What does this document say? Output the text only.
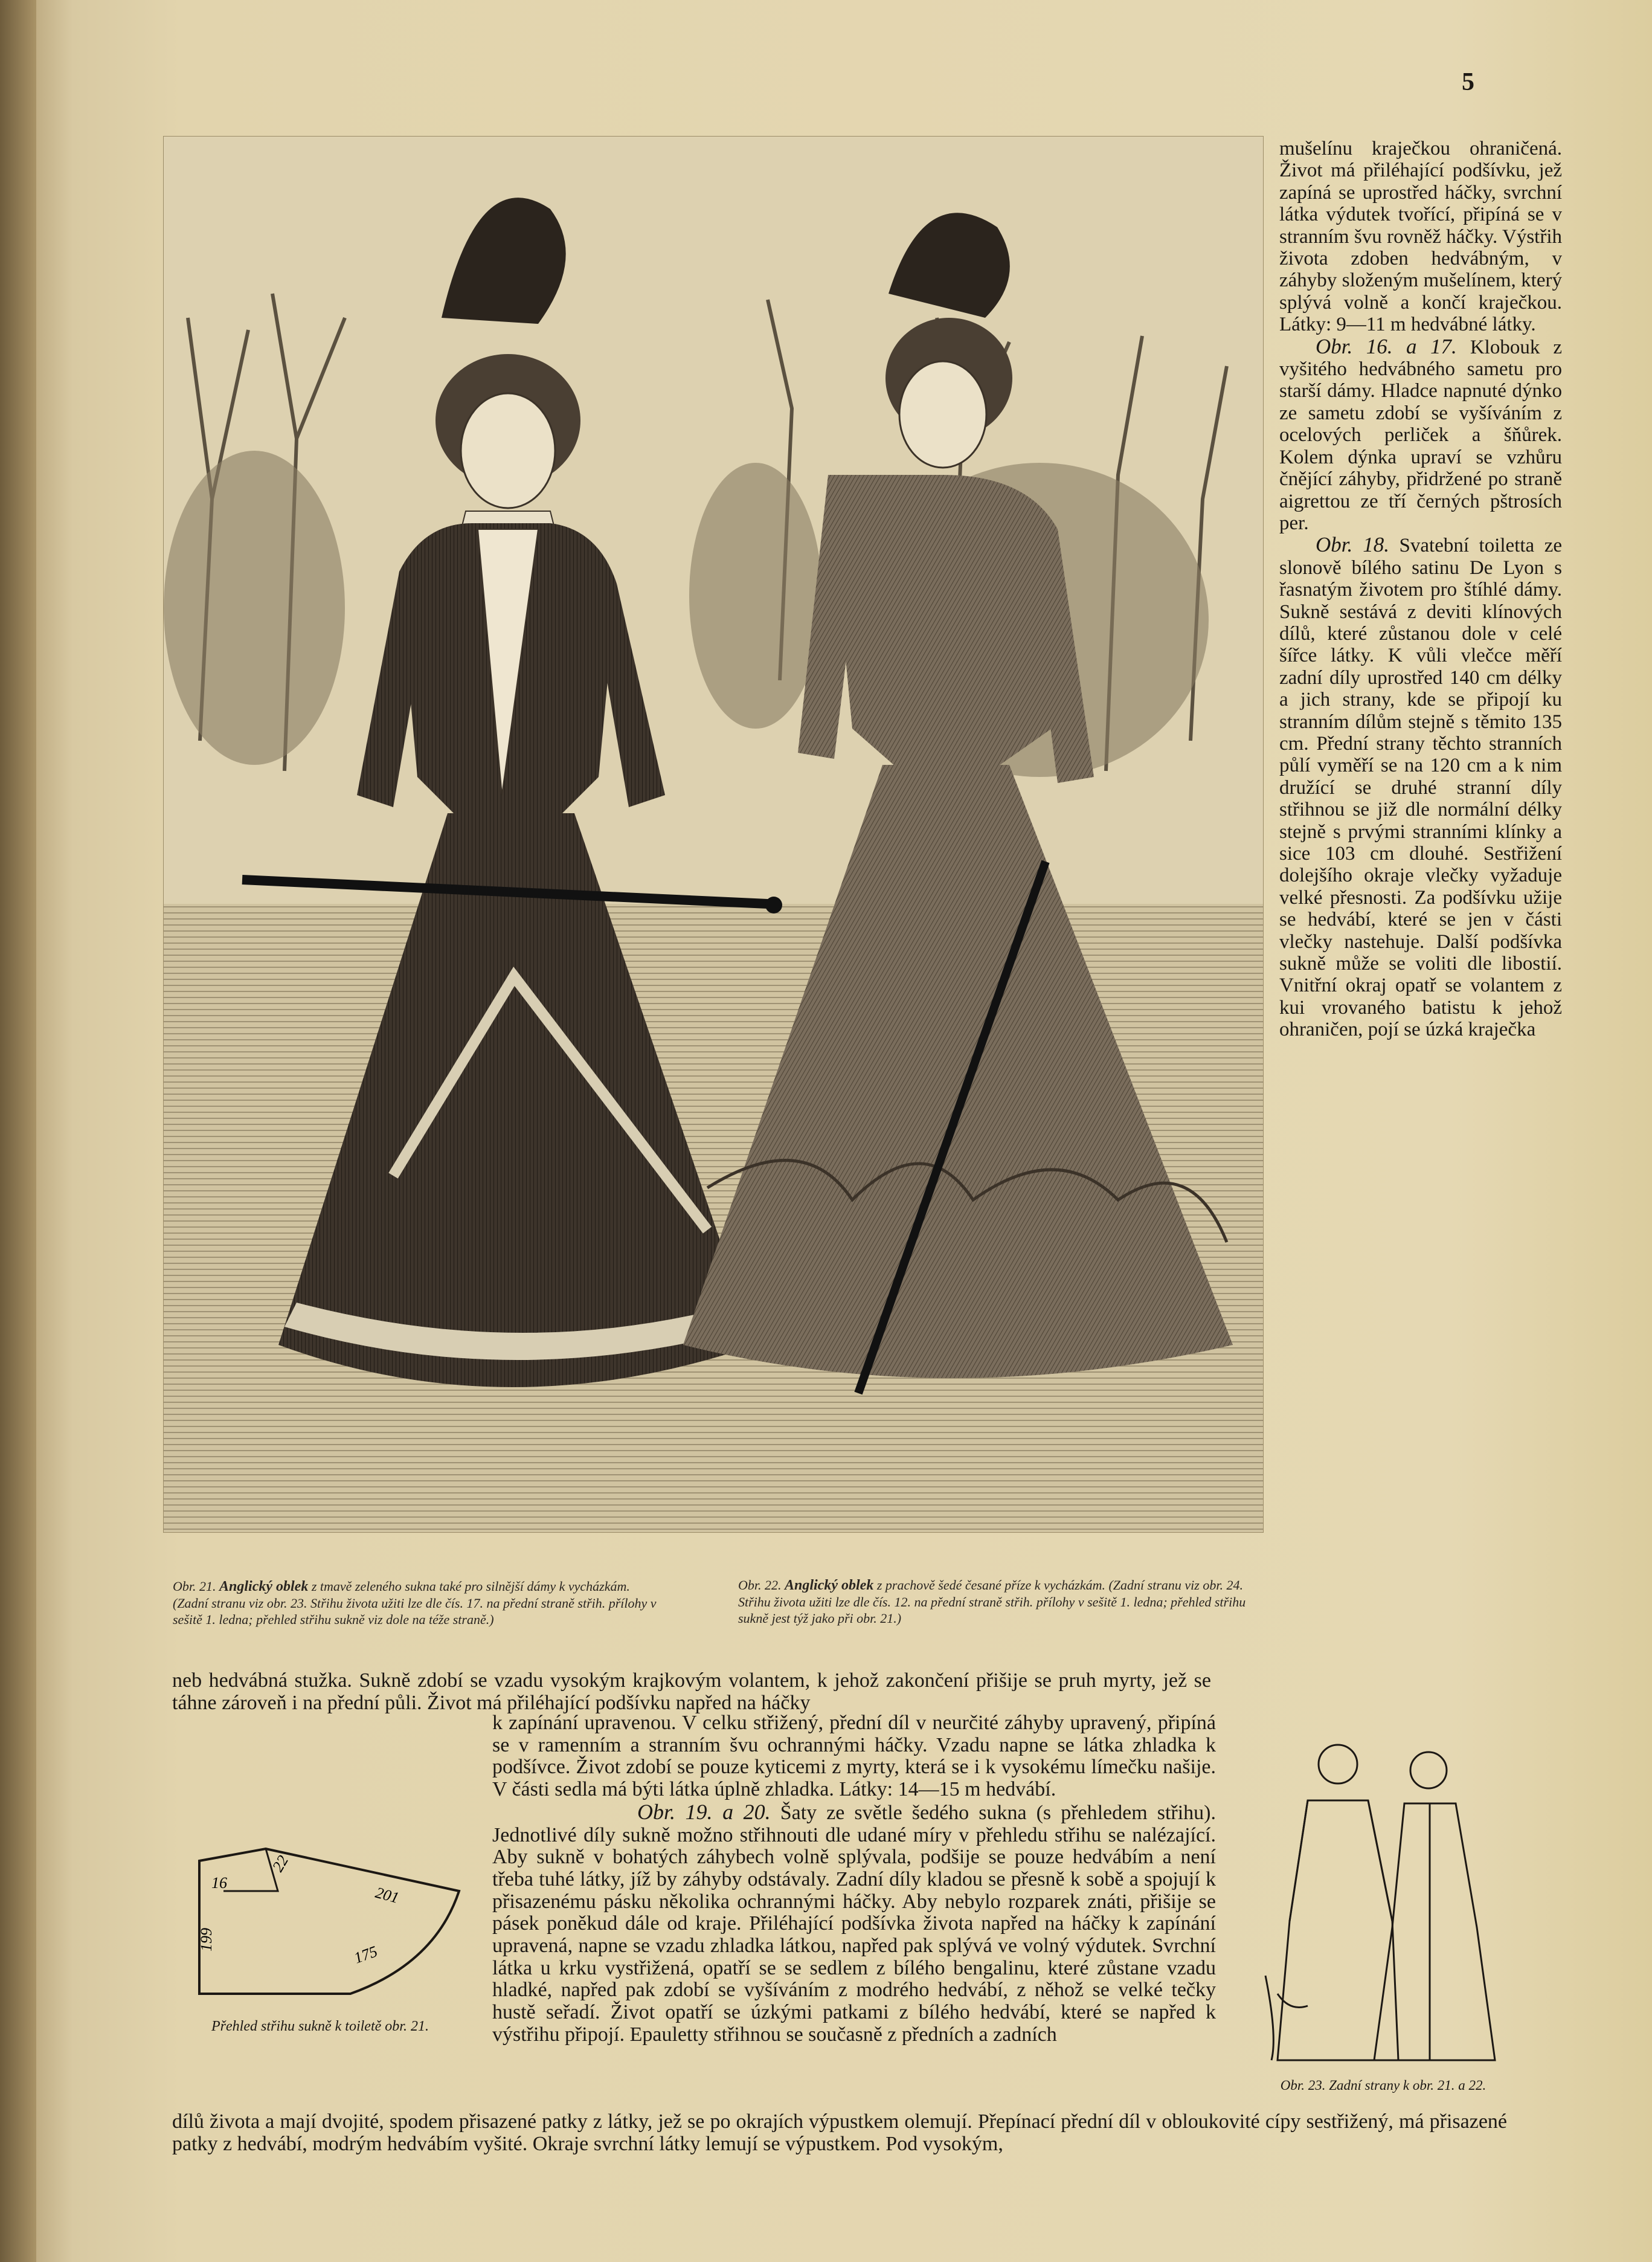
5

mušelínu kraječkou ohraničená. Život má přiléhající podšívku, jež zapíná se uprostřed háčky, svrchní látka výdutek tvořící, připíná se v stranním švu rovněž háčky. Výstřih života zdoben hedvábným, v záhyby složeným mušelínem, který splývá volně a končí kraječkou. Látky: 9—11 m hedvábné látky.

Obr. 16. a 17. Klobouk z vyšitého hedvábného sametu pro starší dámy. Hladce napnuté dýnko ze sametu zdobí se vyšíváním z ocelových perliček a šňůrek. Kolem dýnka upraví se vzhůru čnějící záhyby, přidržené po straně aigrettou ze tří černých pštrosích per.

Obr. 18. Svatební toiletta ze slonově bílého satinu De Lyon s řasnatým životem pro štíhlé dámy. Sukně sestává z deviti klínových dílů, které zůstanou dole v celé šířce látky. K vůli vlečce měří zadní díly uprostřed 140 cm délky a jich strany, kde se připojí ku stranním dílům stejně s těmito 135 cm. Přední strany těchto stranních půlí vyměří se na 120 cm a k nim družící se druhé stranní díly střihnou se již dle normální délky stejně s prvými stranními klínky a sice 103 cm dlouhé. Sestřižení dolejšího okraje vlečky vyžaduje velké přesnosti. Za podšívku užije se hedvábí, které se jen v části vlečky nastehuje. Další podšívka sukně může se voliti dle libostií. Vnitřní okraj opatř se volantem z kui vrovaného batistu k jehož ohraničen, pojí se úzká kraječka

Obr. 21. Anglický oblek z tmavě zeleného sukna také pro silnější dámy k vycházkám. (Zadní stranu viz obr. 23. Střihu života užiti lze dle čís. 17. na přední straně střih. přílohy v sešitě 1. ledna; přehled střihu sukně viz dole na téže straně.)
Obr. 22. Anglický oblek z prachově šedé česané příze k vycházkám. (Zadní stranu viz obr. 24. Střihu života užiti lze dle čís. 12. na přední straně střih. přílohy v sešitě 1. ledna; přehled střihu sukně jest týž jako při obr. 21.)
neb hedvábná stužka. Sukně zdobí se vzadu vysokým krajkovým volantem, k jehož zakončení přišije se pruh myrty, jež se táhne zároveň i na přední půli. Život má přiléhající podšívku napřed na háčky
k zapínání upravenou. V celku střižený, přední díl v neurčité záhyby upravený, připíná se v ramenním a stranním švu ochrannými háčky. Vzadu napne se látka zhladka k podšívce. Život zdobí se pouze kyticemi z myrty, která se i k vysokému límečku našije. V části sedla má býti látka úplně zhladka. Látky: 14—15 m hedvábí.
Obr. 19. a 20. Šaty ze světle šedého sukna (s přehledem střihu). Jednotlivé díly sukně možno střihnouti dle udané míry v přehledu střihu se nalézající. Aby sukně v bohatých záhybech volně splývala, podšije se pouze hedvábím a není třeba tuhé látky, jíž by záhyby odstávaly. Zadní díly kladou se přesně k sobě a spojují k přisazenému pásku několika ochrannými háčky. Aby nebylo rozparek znáti, přišije se pásek poněkud dále od kraje. Přiléhající podšívka života napřed na háčky k zapínání upravená, napne se vzadu zhladka látkou, napřed pak splývá ve volný výdutek. Svrchní látka u krku vystřižená, opatří se se sedlem z bílého bengalinu, které zůstane vzadu hladké, napřed pak zdobí se vyšíváním z modrého hedvábí, z něhož se velké tečky hustě seřadí. Život opatří se úzkými patkami z bílého hedvábí, které se napřed k výstřihu připojí. Epauletty střihnou se současně z předních a zadních
dílů života a mají dvojité, spodem přisazené patky z látky, jež se po okrajích výpustkem olemují. Přepínací přední díl v obloukovité cípy sestřižený, má přisazené patky z hedvábí, modrým hedvábím vyšité. Okraje svrchní látky lemují se výpustkem. Pod vysokým,
16
22
201
199
175
Přehled střihu sukně k toiletě obr. 21.
Obr. 23. Zadní strany k obr. 21. a 22.
